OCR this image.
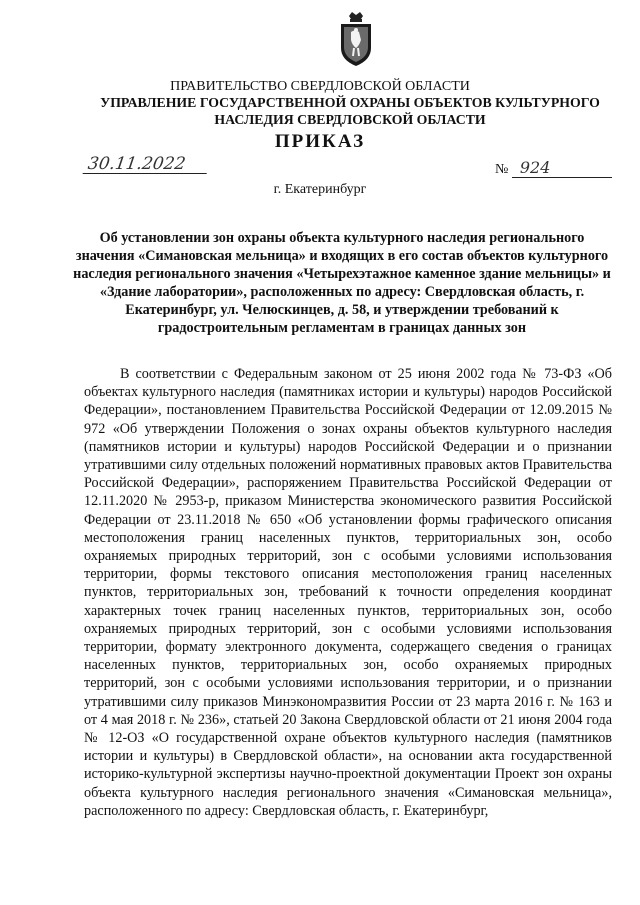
ПРАВИТЕЛЬСТВО СВЕРДЛОВСКОЙ ОБЛАСТИ
УПРАВЛЕНИЕ ГОСУДАРСТВЕННОЙ ОХРАНЫ ОБЪЕКТОВ КУЛЬТУРНОГО НАСЛЕДИЯ СВЕРДЛОВСКОЙ ОБЛАСТИ
ПРИКАЗ
30.11.2022	№ 924
г. Екатеринбург
Об установлении зон охраны объекта культурного наследия регионального значения «Симановская мельница» и входящих в его состав объектов культурного наследия регионального значения «Четырехэтажное каменное здание мельницы» и «Здание лаборатории», расположенных по адресу: Свердловская область, г. Екатеринбург, ул. Челюскинцев, д. 58, и утверждении требований к градостроительным регламентам в границах данных зон

В соответствии с Федеральным законом от 25 июня 2002 года № 73-ФЗ «Об объектах культурного наследия (памятниках истории и культуры) народов Российской Федерации», постановлением Правительства Российской Федерации от 12.09.2015 № 972 «Об утверждении Положения о зонах охраны объектов культурного наследия (памятников истории и культуры) народов Российской Федерации и о признании утратившими силу отдельных положений нормативных правовых актов Правительства Российской Федерации», распоряжением Правительства Российской Федерации от 12.11.2020 № 2953-р, приказом Министерства экономического развития Российской Федерации от 23.11.2018 № 650 «Об установлении формы графического описания местоположения границ населенных пунктов, территориальных зон, особо охраняемых природных территорий, зон с особыми условиями использования территории, формы текстового описания местоположения границ населенных пунктов, территориальных зон, требований к точности определения координат характерных точек границ населенных пунктов, территориальных зон, особо охраняемых природных территорий, зон с особыми условиями использования территории, формату электронного документа, содержащего сведения о границах населенных пунктов, территориальных зон, особо охраняемых природных территорий, зон с особыми условиями использования территории, и о признании утратившими силу приказов Минэкономразвития России от 23 марта 2016 г. № 163 и от 4 мая 2018 г. № 236», статьей 20 Закона Свердловской области от 21 июня 2004 года № 12-ОЗ «О государственной охране объектов культурного наследия (памятников истории и культуры) в Свердловской области», на основании акта государственной историко-культурной экспертизы научно-проектной документации Проект зон охраны объекта культурного наследия регионального значения «Симановская мельница», расположенного по адресу: Свердловская область, г. Екатеринбург,
